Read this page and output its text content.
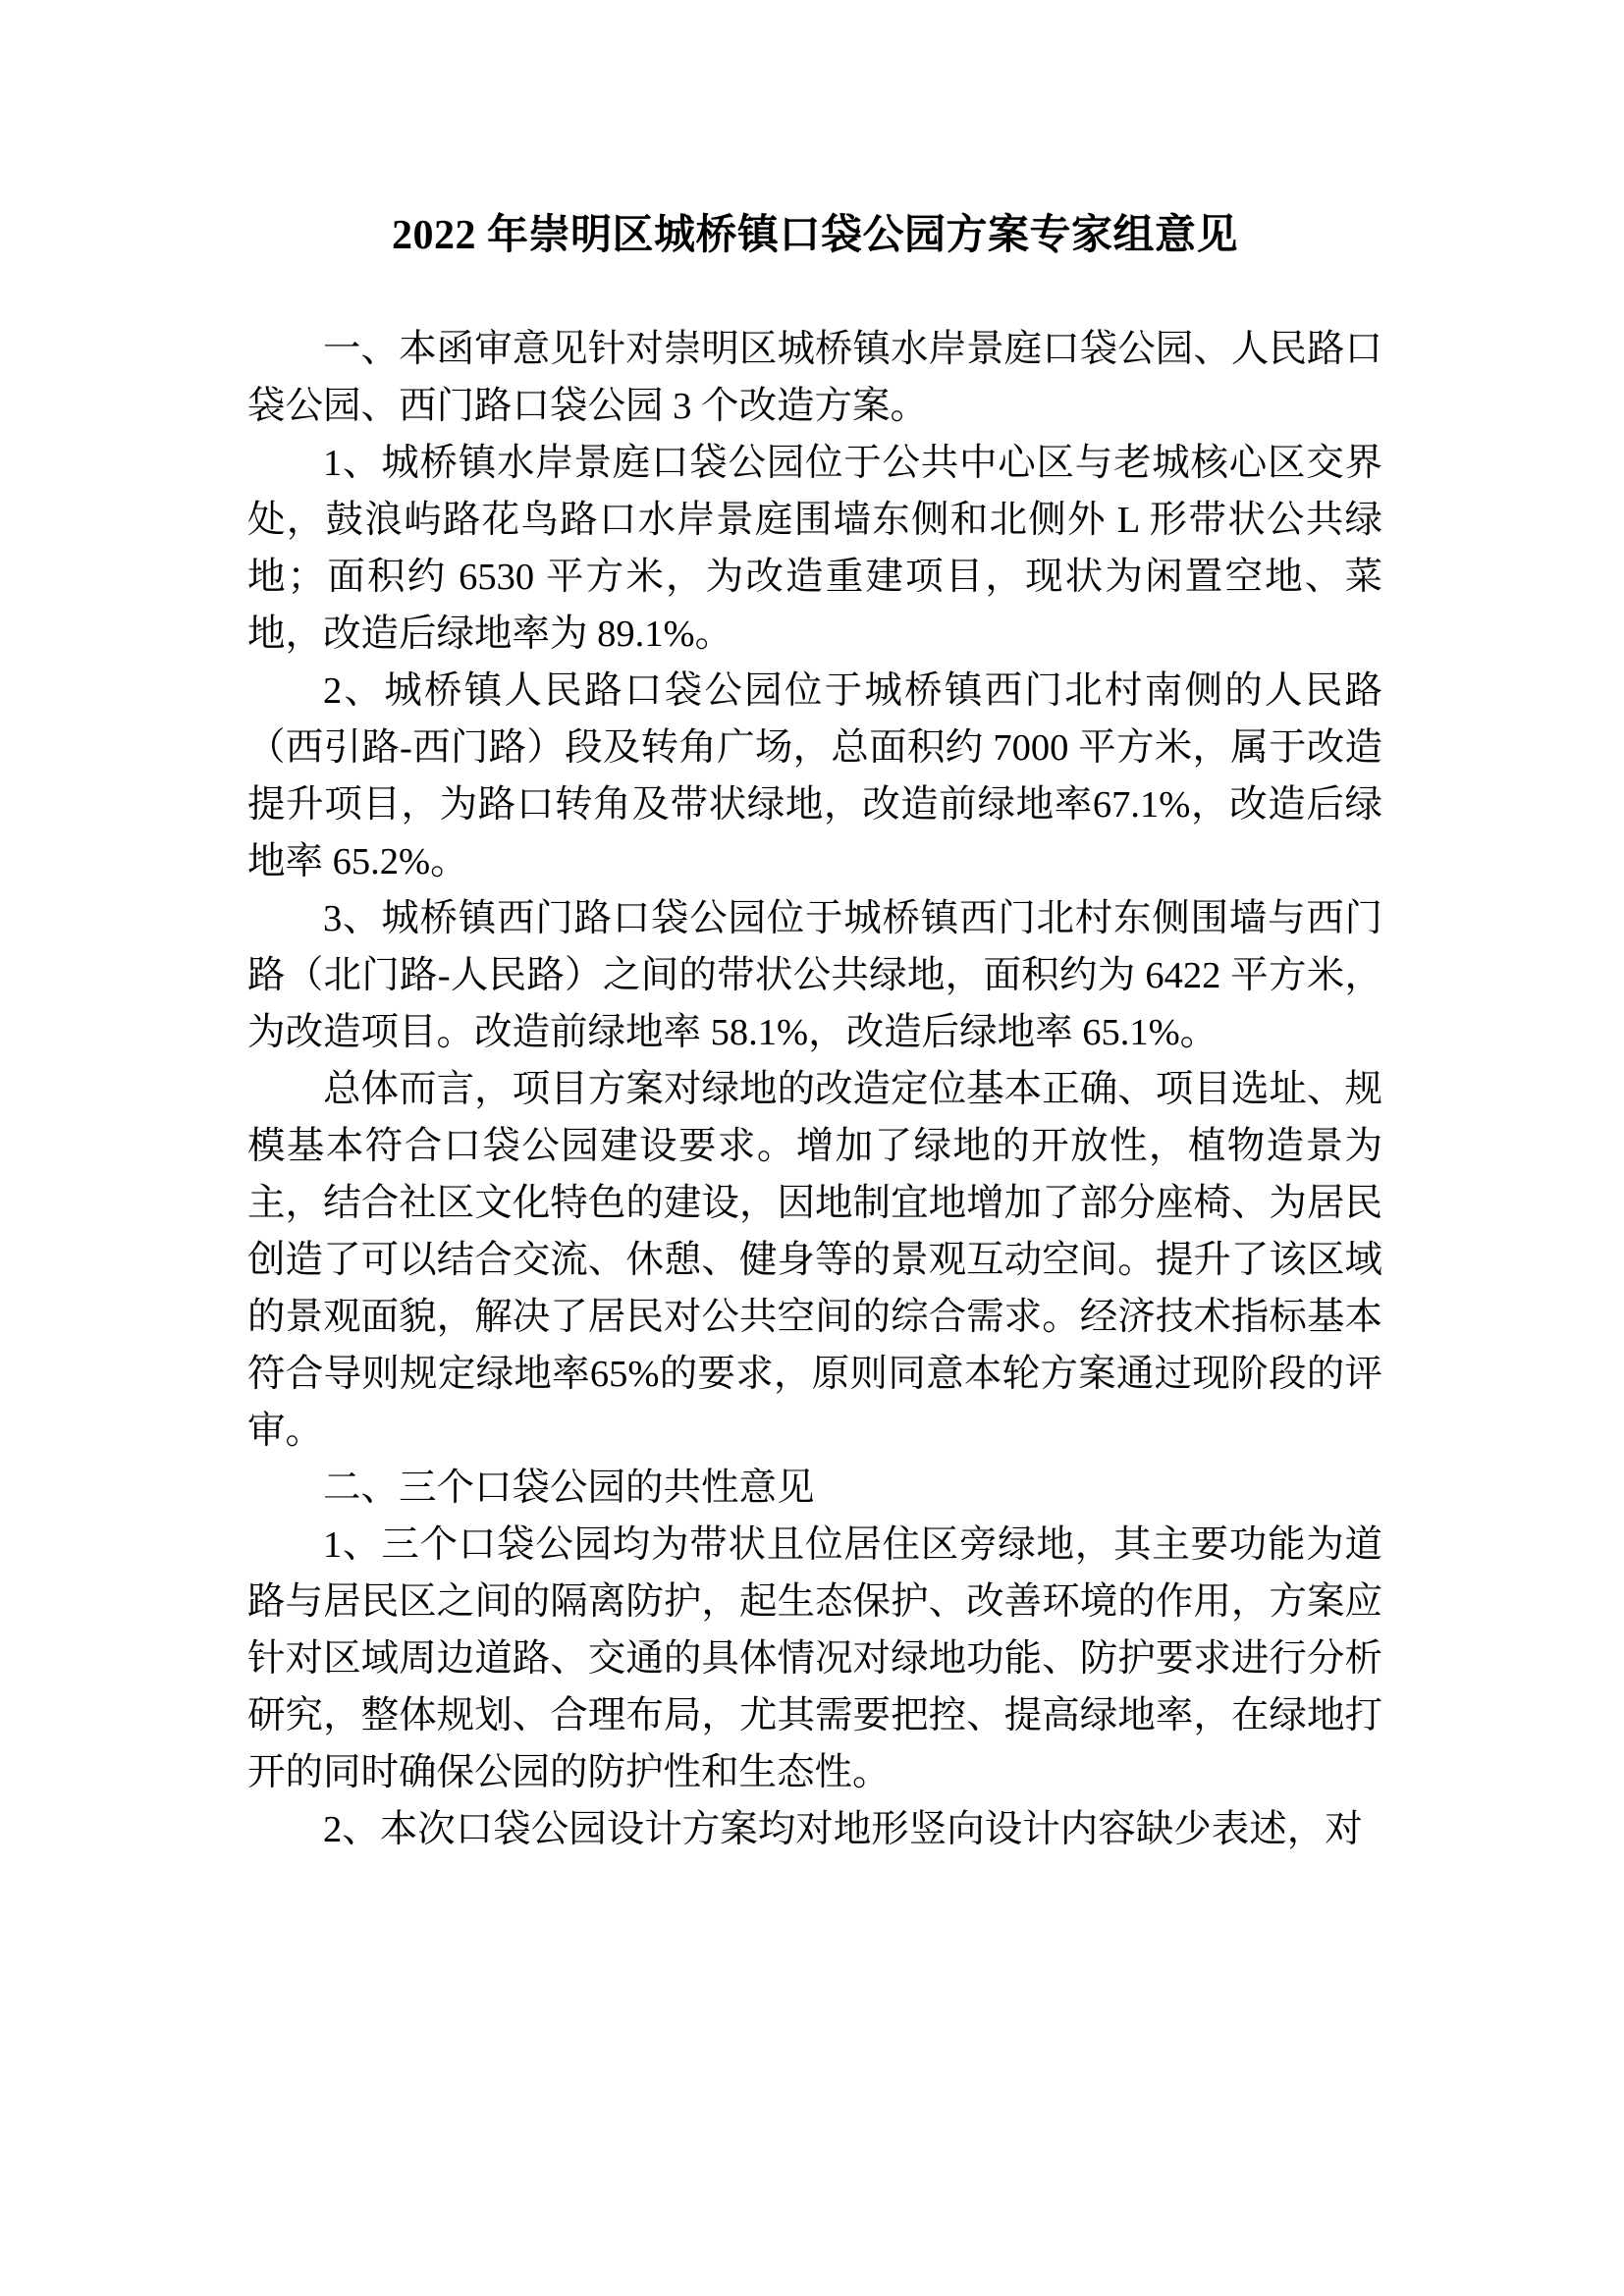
2022 年崇明区城桥镇口袋公园方案专家组意见

一、本函审意见针对崇明区城桥镇水岸景庭口袋公园、人民路口袋公园、西门路口袋公园 3 个改造方案。

1、城桥镇水岸景庭口袋公园位于公共中心区与老城核心区交界处，鼓浪屿路花鸟路口水岸景庭围墙东侧和北侧外 L 形带状公共绿地；面积约 6530 平方米，为改造重建项目，现状为闲置空地、菜地，改造后绿地率为 89.1%。

2、城桥镇人民路口袋公园位于城桥镇西门北村南侧的人民路（西引路-西门路）段及转角广场，总面积约 7000 平方米，属于改造提升项目，为路口转角及带状绿地，改造前绿地率67.1%，改造后绿地率 65.2%。

3、城桥镇西门路口袋公园位于城桥镇西门北村东侧围墙与西门路（北门路-人民路）之间的带状公共绿地，面积约为 6422 平方米，为改造项目。改造前绿地率 58.1%，改造后绿地率 65.1%。

总体而言，项目方案对绿地的改造定位基本正确、项目选址、规模基本符合口袋公园建设要求。增加了绿地的开放性，植物造景为主，结合社区文化特色的建设，因地制宜地增加了部分座椅、为居民创造了可以结合交流、休憩、健身等的景观互动空间。提升了该区域的景观面貌，解决了居民对公共空间的综合需求。经济技术指标基本符合导则规定绿地率65%的要求，原则同意本轮方案通过现阶段的评审。

二、三个口袋公园的共性意见

1、三个口袋公园均为带状且位居住区旁绿地，其主要功能为道路与居民区之间的隔离防护，起生态保护、改善环境的作用，方案应针对区域周边道路、交通的具体情况对绿地功能、防护要求进行分析研究，整体规划、合理布局，尤其需要把控、提高绿地率，在绿地打开的同时确保公园的防护性和生态性。

2、本次口袋公园设计方案均对地形竖向设计内容缺少表述，对
